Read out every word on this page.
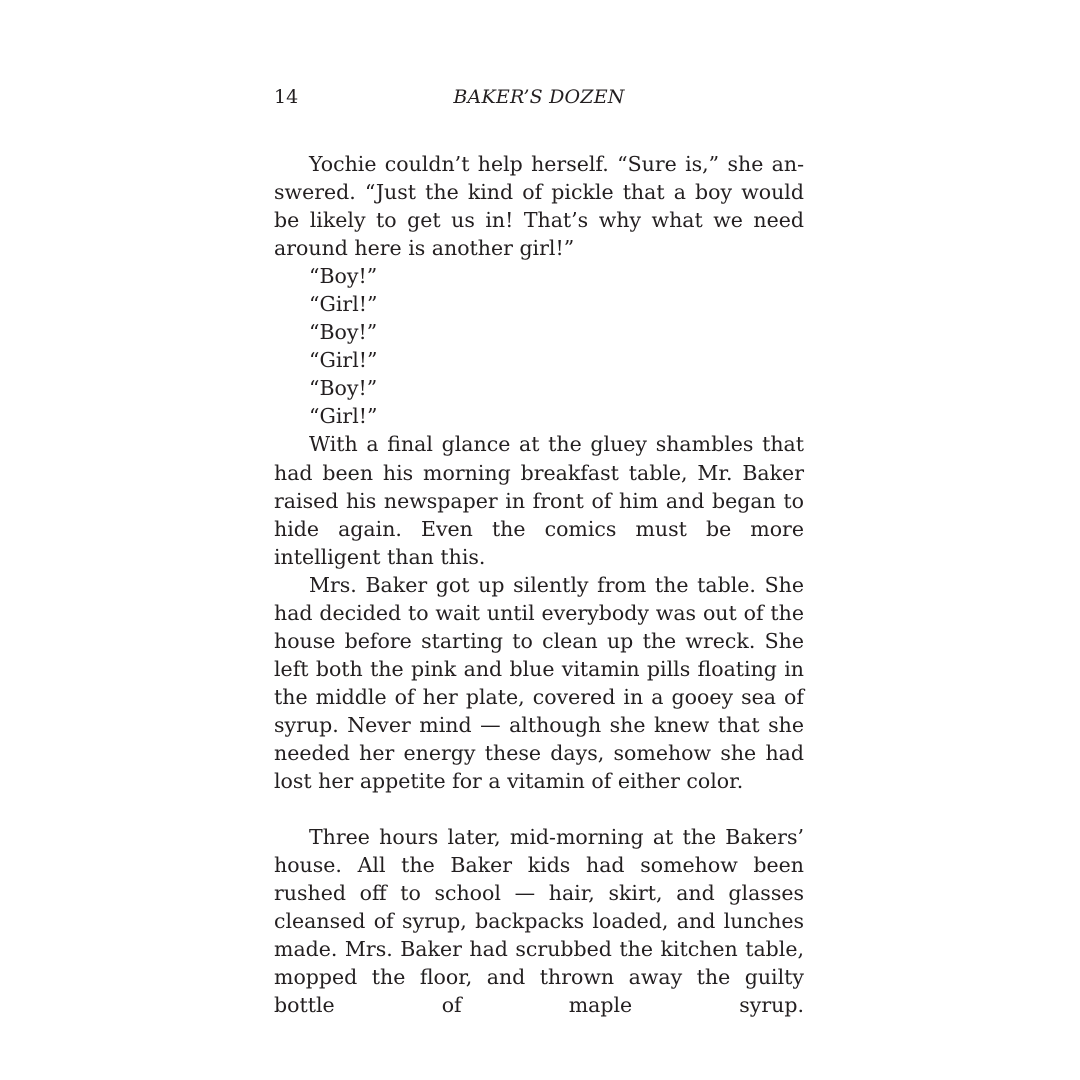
14	BAKER’S DOZEN

Yochie couldn’t help herself. “Sure is,” she answered. “Just the kind of pickle that a boy would be likely to get us in! That’s why what we need around here is another girl!”

“Boy!”

“Girl!”

“Boy!”

“Girl!”

“Boy!”

“Girl!”

With a final glance at the gluey shambles that had been his morning breakfast table, Mr. Baker raised his newspaper in front of him and began to hide again. Even the comics must be more intelligent than this.

Mrs. Baker got up silently from the table. She had decided to wait until everybody was out of the house before starting to clean up the wreck. She left both the pink and blue vitamin pills floating in the middle of her plate, covered in a gooey sea of syrup. Never mind — although she knew that she needed her energy these days, somehow she had lost her appetite for a vitamin of either color.

Three hours later, mid-morning at the Bakers’ house. All the Baker kids had somehow been rushed off to school — hair, skirt, and glasses cleansed of syrup, backpacks loaded, and lunches made. Mrs. Baker had scrubbed the kitchen table, mopped the floor, and thrown away the guilty bottle of maple syrup.
